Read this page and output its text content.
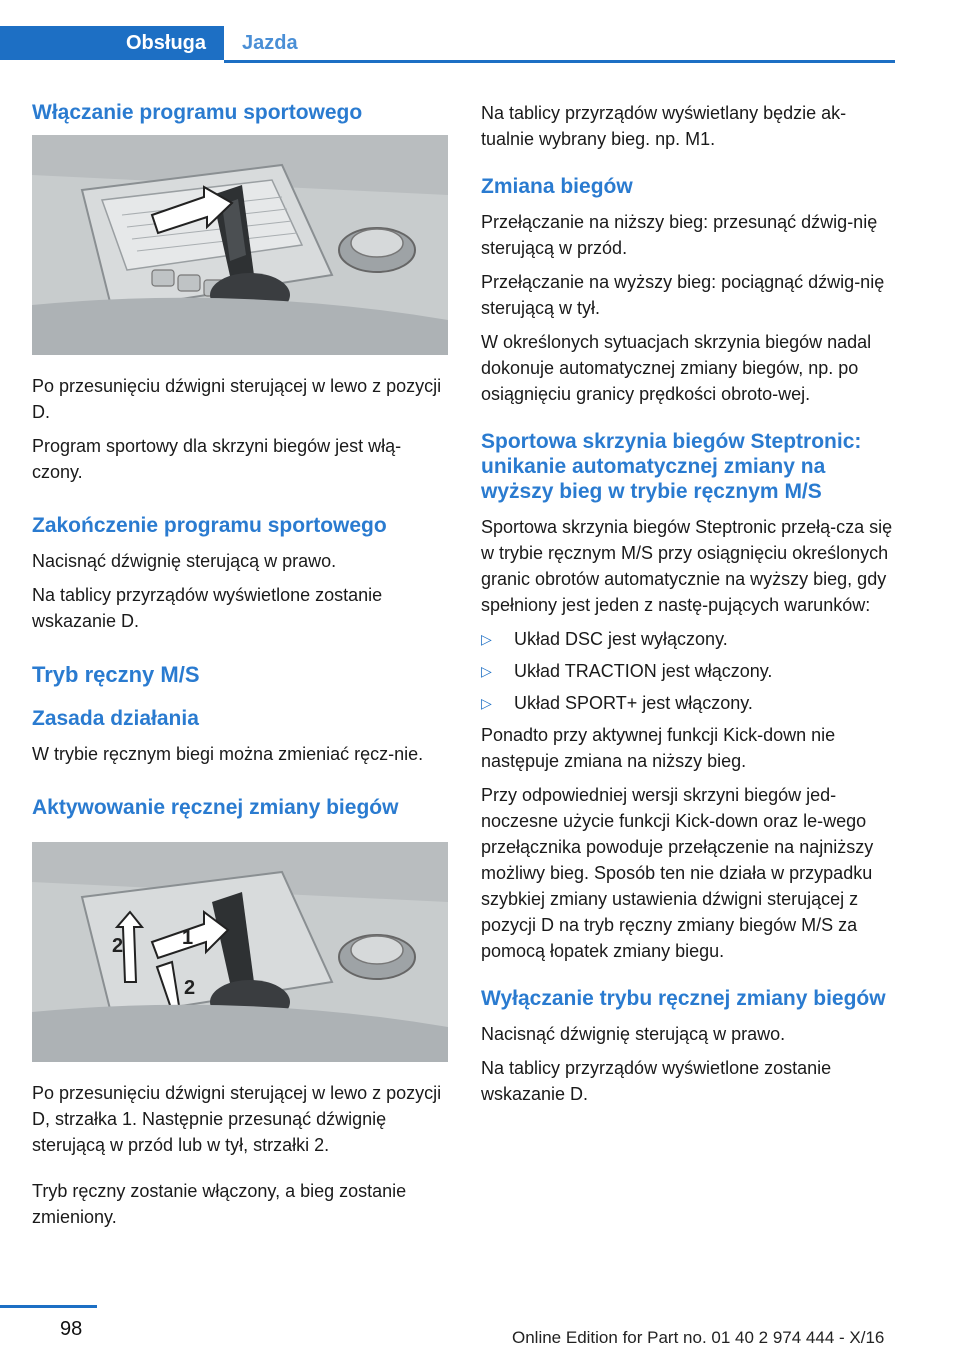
Obsługa	Jazda
Włączanie programu sportowego

Po przesunięciu dźwigni sterującej w lewo z pozycji D.

Program sportowy dla skrzyni biegów jest włą‐czony.

Zakończenie programu sportowego

Nacisnąć dźwignię sterującą w prawo.

Na tablicy przyrządów wyświetlone zostanie wskazanie D.

Tryb ręczny M/S
Zasada działania

W trybie ręcznym biegi można zmieniać ręcz‐nie.

Aktywowanie ręcznej zmiany biegów
1
2
2

Po przesunięciu dźwigni sterującej w lewo z pozycji D, strzałka 1. Następnie przesunąć dźwignię sterującą w przód lub w tył, strzałki 2.

Tryb ręczny zostanie włączony, a bieg zostanie zmieniony.

Na tablicy przyrządów wyświetlany będzie ak‐tualnie wybrany bieg. np. M1.

Zmiana biegów

Przełączanie na niższy bieg: przesunąć dźwig‐nię sterującą w przód.

Przełączanie na wyższy bieg: pociągnąć dźwig‐nię sterującą w tył.

W określonych sytuacjach skrzynia biegów nadal dokonuje automatycznej zmiany biegów, np. po osiągnięciu granicy prędkości obroto‐wej.

Sportowa skrzynia biegów Steptronic: unikanie automatycznej zmiany na wyższy bieg w trybie ręcznym M/S

Sportowa skrzynia biegów Steptronic przełą‐cza się w trybie ręcznym M/S przy osiągnięciu określonych granic obrotów automatycznie na wyższy bieg, gdy spełniony jest jeden z nastę‐pujących warunków:

▷ Układ DSC jest wyłączony.
▷ Układ TRACTION jest włączony.
▷ Układ SPORT+ jest włączony.

Ponadto przy aktywnej funkcji Kick-down nie następuje zmiana na niższy bieg.

Przy odpowiedniej wersji skrzyni biegów jed‐noczesne użycie funkcji Kick-down oraz le‐wego przełącznika powoduje przełączenie na najniższy możliwy bieg. Sposób ten nie działa w przypadku szybkiej zmiany ustawienia dźwigni sterującej z pozycji D na tryb ręczny zmiany biegów M/S za pomocą łopatek zmiany biegu.

Wyłączanie trybu ręcznej zmiany biegów

Nacisnąć dźwignię sterującą w prawo.

Na tablicy przyrządów wyświetlone zostanie wskazanie D.

98	Online Edition for Part no. 01 40 2 974 444 - X/16
